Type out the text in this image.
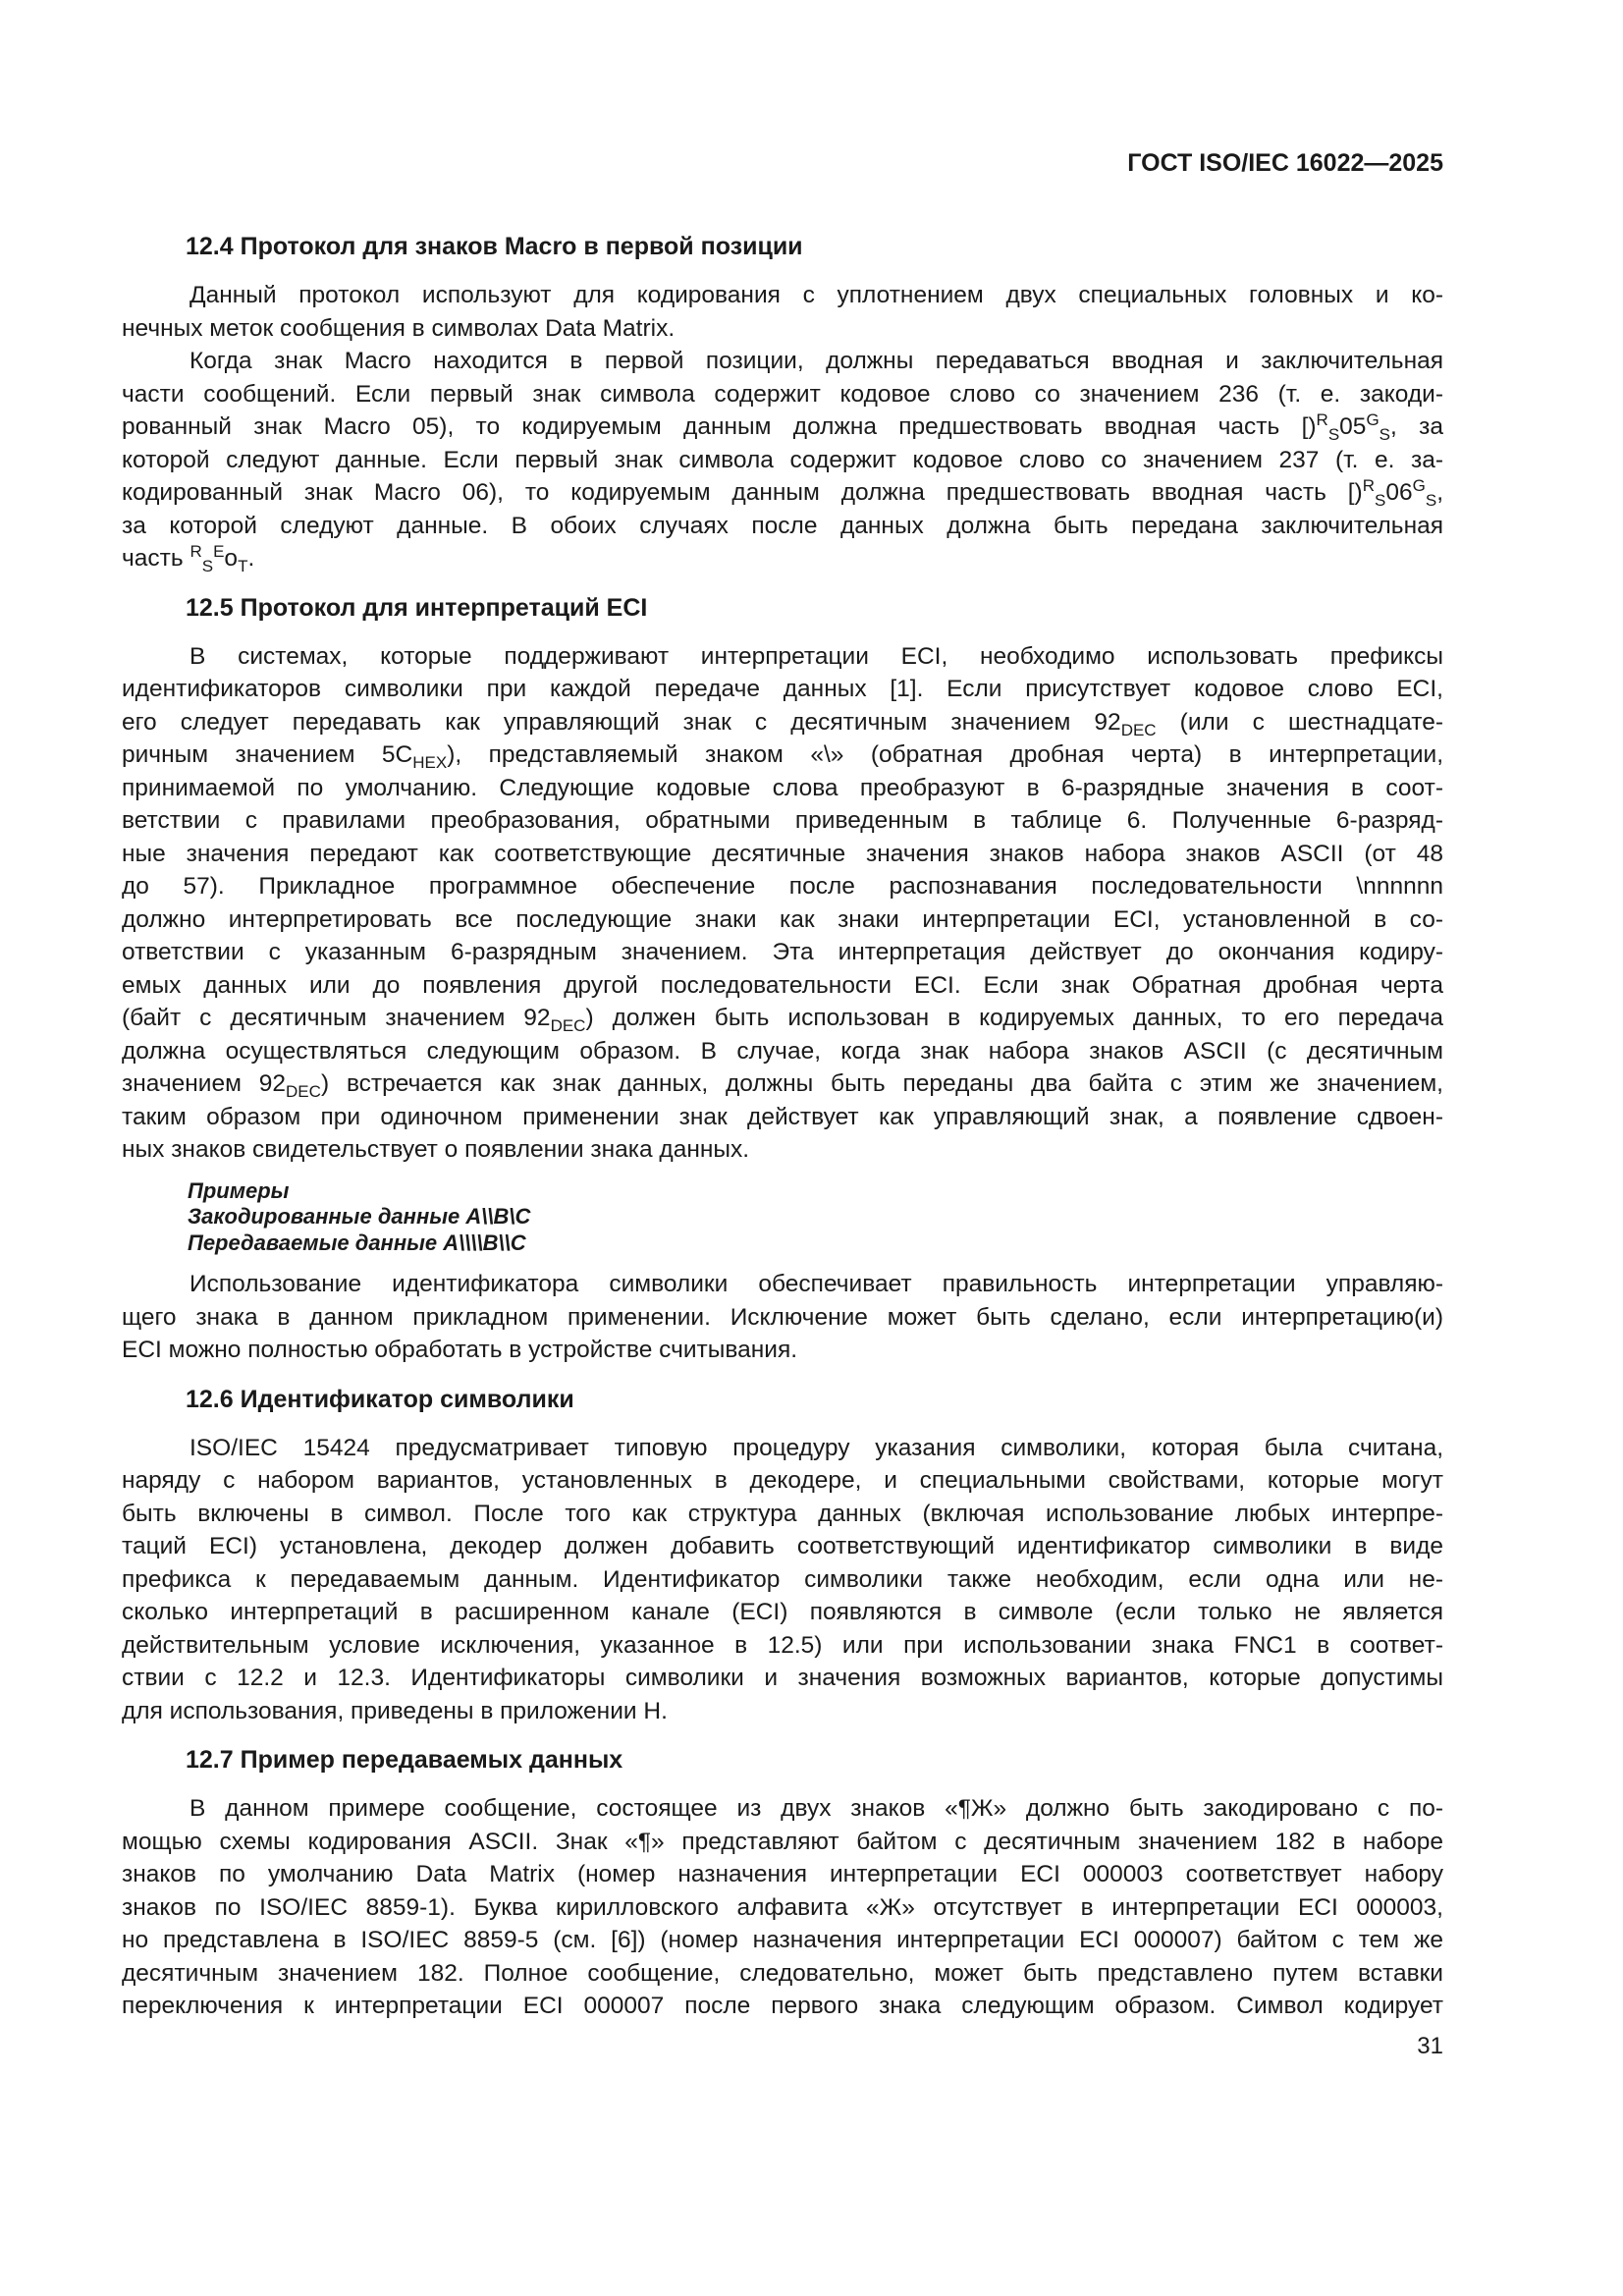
ГОСТ ISO/IEC 16022—2025
12.4 Протокол для знаков Macro в первой позиции
Данный протокол используют для кодирования с уплотнением двух специальных головных и ко-
нечных меток сообщения в символах Data Matrix.
Когда знак Macro находится в первой позиции, должны передаваться вводная и заключительная
части сообщений. Если первый знак символа содержит кодовое слово со значением 236 (т. е. закоди-
рованный знак Macro 05), то кодируемым данным должна предшествовать вводная часть $[)^R_S05^G_S$, за
которой следуют данные. Если первый знак символа содержит кодовое слово со значением 237 (т. е. за-
кодированный знак Macro 06), то кодируемым данным должна предшествовать вводная часть $[)^R_S06^G_S$,
за которой следуют данные. В обоих случаях после данных должна быть передана заключительная
часть $^R_S^Eo_T$.
12.5 Протокол для интерпретаций ECI
В системах, которые поддерживают интерпретации ECI, необходимо использовать префиксы
идентификаторов символики при каждой передаче данных [1]. Если присутствует кодовое слово ECI,
его следует передавать как управляющий знак с десятичным значением $92_{DEC}$ (или с шестнадцате-
ричным значением $5C_{HEX}$), представляемый знаком «\» (обратная дробная черта) в интерпретации,
принимаемой по умолчанию. Следующие кодовые слова преобразуют в 6-разрядные значения в соот-
ветствии с правилами преобразования, обратными приведенным в таблице 6. Полученные 6-разряд-
ные значения передают как соответствующие десятичные значения знаков набора знаков ASCII (от 48
до 57). Прикладное программное обеспечение после распознавания последовательности \nnnnnn
должно интерпретировать все последующие знаки как знаки интерпретации ECI, установленной в со-
ответствии с указанным 6-разрядным значением. Эта интерпретация действует до окончания кодиру-
емых данных или до появления другой последовательности ECI. Если знак Обратная дробная черта
(байт с десятичным значением $92_{DEC}$) должен быть использован в кодируемых данных, то его передача
должна осуществляться следующим образом. В случае, когда знак набора знаков ASCII (с десятичным
значением $92_{DEC}$) встречается как знак данных, должны быть переданы два байта с этим же значением,
таким образом при одиночном применении знак действует как управляющий знак, а появление сдвоен-
ных знаков свидетельствует о появлении знака данных.
Примеры
Закодированные данные A\\B\C
Передаваемые данные A\\\\B\\C
Использование идентификатора символики обеспечивает правильность интерпретации управляю-
щего знака в данном прикладном применении. Исключение может быть сделано, если интерпретацию(и)
ECI можно полностью обработать в устройстве считывания.
12.6 Идентификатор символики
ISO/IEC 15424 предусматривает типовую процедуру указания символики, которая была считана,
наряду с набором вариантов, установленных в декодере, и специальными свойствами, которые могут
быть включены в символ. После того как структура данных (включая использование любых интерпре-
таций ECI) установлена, декодер должен добавить соответствующий идентификатор символики в виде
префикса к передаваемым данным. Идентификатор символики также необходим, если одна или не-
сколько интерпретаций в расширенном канале (ECI) появляются в символе (если только не является
действительным условие исключения, указанное в 12.5) или при использовании знака FNC1 в соответ-
ствии с 12.2 и 12.3. Идентификаторы символики и значения возможных вариантов, которые допустимы
для использования, приведены в приложении Н.
12.7 Пример передаваемых данных
В данном примере сообщение, состоящее из двух знаков «¶Ж» должно быть закодировано с по-
мощью схемы кодирования ASCII. Знак «¶» представляют байтом с десятичным значением 182 в наборе
знаков по умолчанию Data Matrix (номер назначения интерпретации ECI 000003 соответствует набору
знаков по ISO/IEC 8859-1). Буква кирилловского алфавита «Ж» отсутствует в интерпретации ECI 000003,
но представлена в ISO/IEC 8859-5 (см. [6]) (номер назначения интерпретации ECI 000007) байтом с тем же
десятичным значением 182. Полное сообщение, следовательно, может быть представлено путем вставки
переключения к интерпретации ECI 000007 после первого знака следующим образом. Символ кодирует
31
